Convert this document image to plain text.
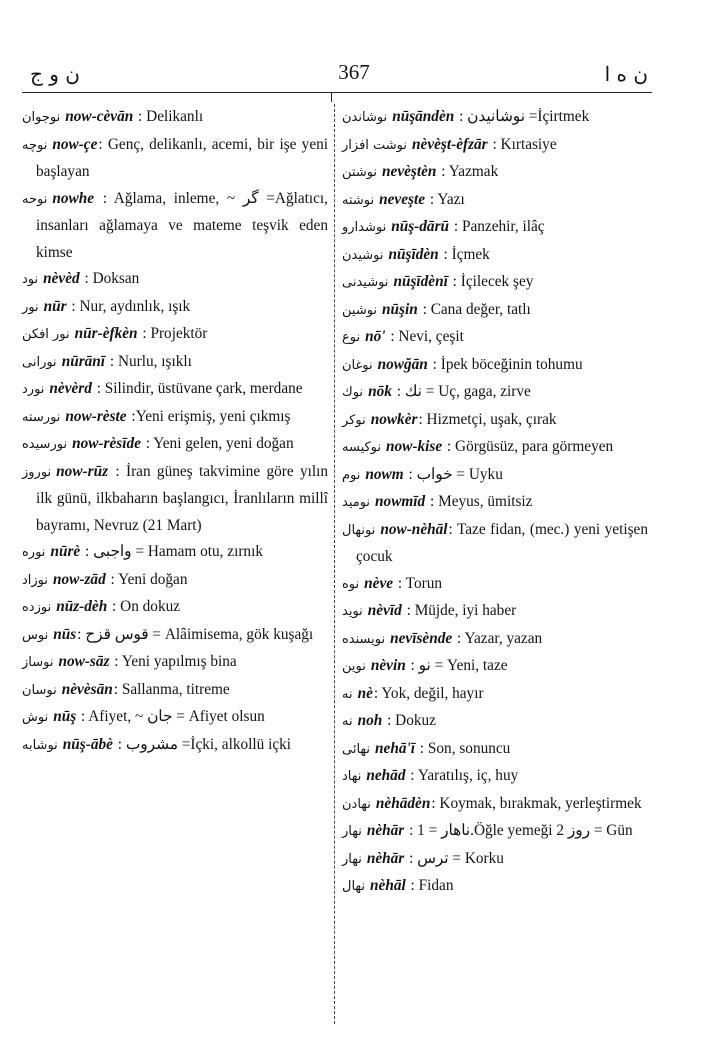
ن و ج	367	ن ه ا

نوجوان now-cèvān : Delikanlı

نوچه now-çe: Genç, delikanlı, acemi, bir işe yeni başlayan

نوحه nowhe : Ağlama, inleme, ~ گر =Ağlatıcı, insanları ağlamaya ve mateme teşvik eden kimse

نود nèvèd : Doksan

نور nūr : Nur, aydınlık, ışık

نور افكن nūr-èfkèn : Projektör

نورانى nūrānī : Nurlu, ışıklı

نورد nèvèrd : Silindir, üstüvane çark, merdane

نورسته now-rèste :Yeni erişmiş, yeni çıkmış

نورسيده now-rèsīde : Yeni gelen, yeni doğan

نوروز now-rūz : İran güneş takvimine göre yılın ilk günü, ilkbaharın başlangıcı, İranlıların millî bayramı, Nevruz (21 Mart)

نوره nūrè : واجبى = Hamam otu, zırnık

نوزاد now-zād : Yeni doğan

نوزده nūz-dèh : On dokuz

نوس nūs: قوس قزح = Alâimisema, gök kuşağı

نوساز now-sāz : Yeni yapılmış bina

نوسان nèvèsān: Sallanma, titreme

نوش nūş : Afiyet, ~ جان = Afiyet olsun

نوشابه nūş-ābè : مشروب =İçki, alkollü içki

نوشاندن nūşāndèn : نوشانيدن =İçirtmek

نوشت افزار nèvèşt-èfzār : Kırtasiye

نوشتن nevèştèn : Yazmak

نوشته neveşte : Yazı

نوشدارو nūş-dārū : Panzehir, ilâç

نوشيدن nūşīdèn : İçmek

نوشيدنى nūşīdènī : İçilecek şey

نوشين nūşin : Cana değer, tatlı

نوع nō' : Nevi, çeşit

نوغان nowğān : İpek böceğinin tohumu

نوك nōk : نك = Uç, gaga, zirve

نوكر nowkèr: Hizmetçi, uşak, çırak

نوكيسه now-kise : Görgüsüz, para görmeyen

نوم nowm : خواب = Uyku

نوميد nowmīd : Meyus, ümitsiz

نونهال now-nèhāl: Taze fidan, (mec.) yeni yetişen çocuk

نوه nève : Torun

نويد nèvīd : Müjde, iyi haber

نويسنده nevīsènde : Yazar, yazan

نوين nèvin : نو = Yeni, taze

نه nè: Yok, değil, hayır

نه noh : Dokuz

نهائى nehā'ī : Son, sonuncu

نهاد nehād : Yaratılış, iç, huy

نهادن nèhādèn: Koymak, bırakmak, yerleştirmek

نهار nèhār : ناهار = 1.Öğle yemeği 2 روز = Gün

نهار nèhār : ترس = Korku

نهال nèhāl : Fidan
